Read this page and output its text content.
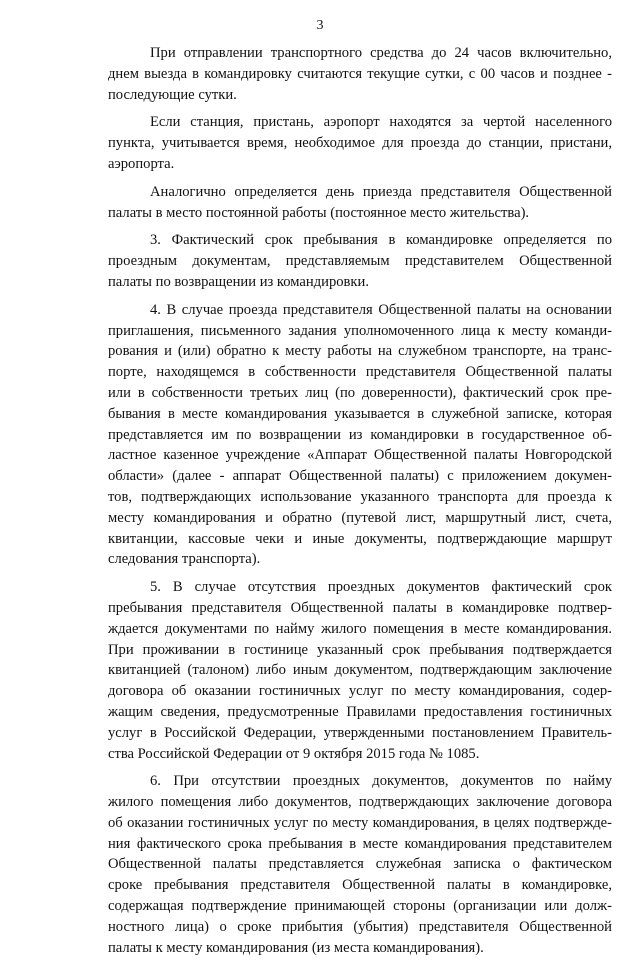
3
При отправлении транспортного средства до 24 часов включительно,
днем выезда в командировку считаются текущие сутки, с 00 часов и позднее -
последующие сутки.
Если станция, пристань, аэропорт находятся за чертой населенного
пункта, учитывается время, необходимое для проезда до станции, пристани,
аэропорта.
Аналогично определяется день приезда представителя Общественной
палаты в место постоянной работы (постоянное место жительства).
3. Фактический срок пребывания в командировке определяется по
проездным документам, представляемым представителем Общественной
палаты по возвращении из командировки.
4. В случае проезда представителя Общественной палаты на основании
приглашения, письменного задания уполномоченного лица к месту команди-
рования и (или) обратно к месту работы на служебном транспорте, на транс-
порте, находящемся в собственности представителя Общественной палаты
или в собственности третьих лиц (по доверенности), фактический срок пре-
бывания в месте командирования указывается в служебной записке, которая
представляется им по возвращении из командировки в государственное об-
ластное казенное учреждение «Аппарат Общественной палаты Новгородской
области» (далее - аппарат Общественной палаты) с приложением докумен-
тов, подтверждающих использование указанного транспорта для проезда к
месту командирования и обратно (путевой лист, маршрутный лист, счета,
квитанции, кассовые чеки и иные документы, подтверждающие маршрут
следования транспорта).
5. В случае отсутствия проездных документов фактический срок
пребывания представителя Общественной палаты в командировке подтвер-
ждается документами по найму жилого помещения в месте командирования.
При проживании в гостинице указанный срок пребывания подтверждается
квитанцией (талоном) либо иным документом, подтверждающим заключение
договора об оказании гостиничных услуг по месту командирования, содер-
жащим сведения, предусмотренные Правилами предоставления гостиничных
услуг в Российской Федерации, утвержденными постановлением Правитель-
ства Российской Федерации от 9 октября 2015 года № 1085.
6. При отсутствии проездных документов, документов по найму
жилого помещения либо документов, подтверждающих заключение договора
об оказании гостиничных услуг по месту командирования, в целях подтвержде-
ния фактического срока пребывания в месте командирования представителем
Общественной палаты представляется служебная записка о фактическом
сроке пребывания представителя Общественной палаты в командировке,
содержащая подтверждение принимающей стороны (организации или долж-
ностного лица) о сроке прибытия (убытия) представителя Общественной
палаты к месту командирования (из места командирования).
